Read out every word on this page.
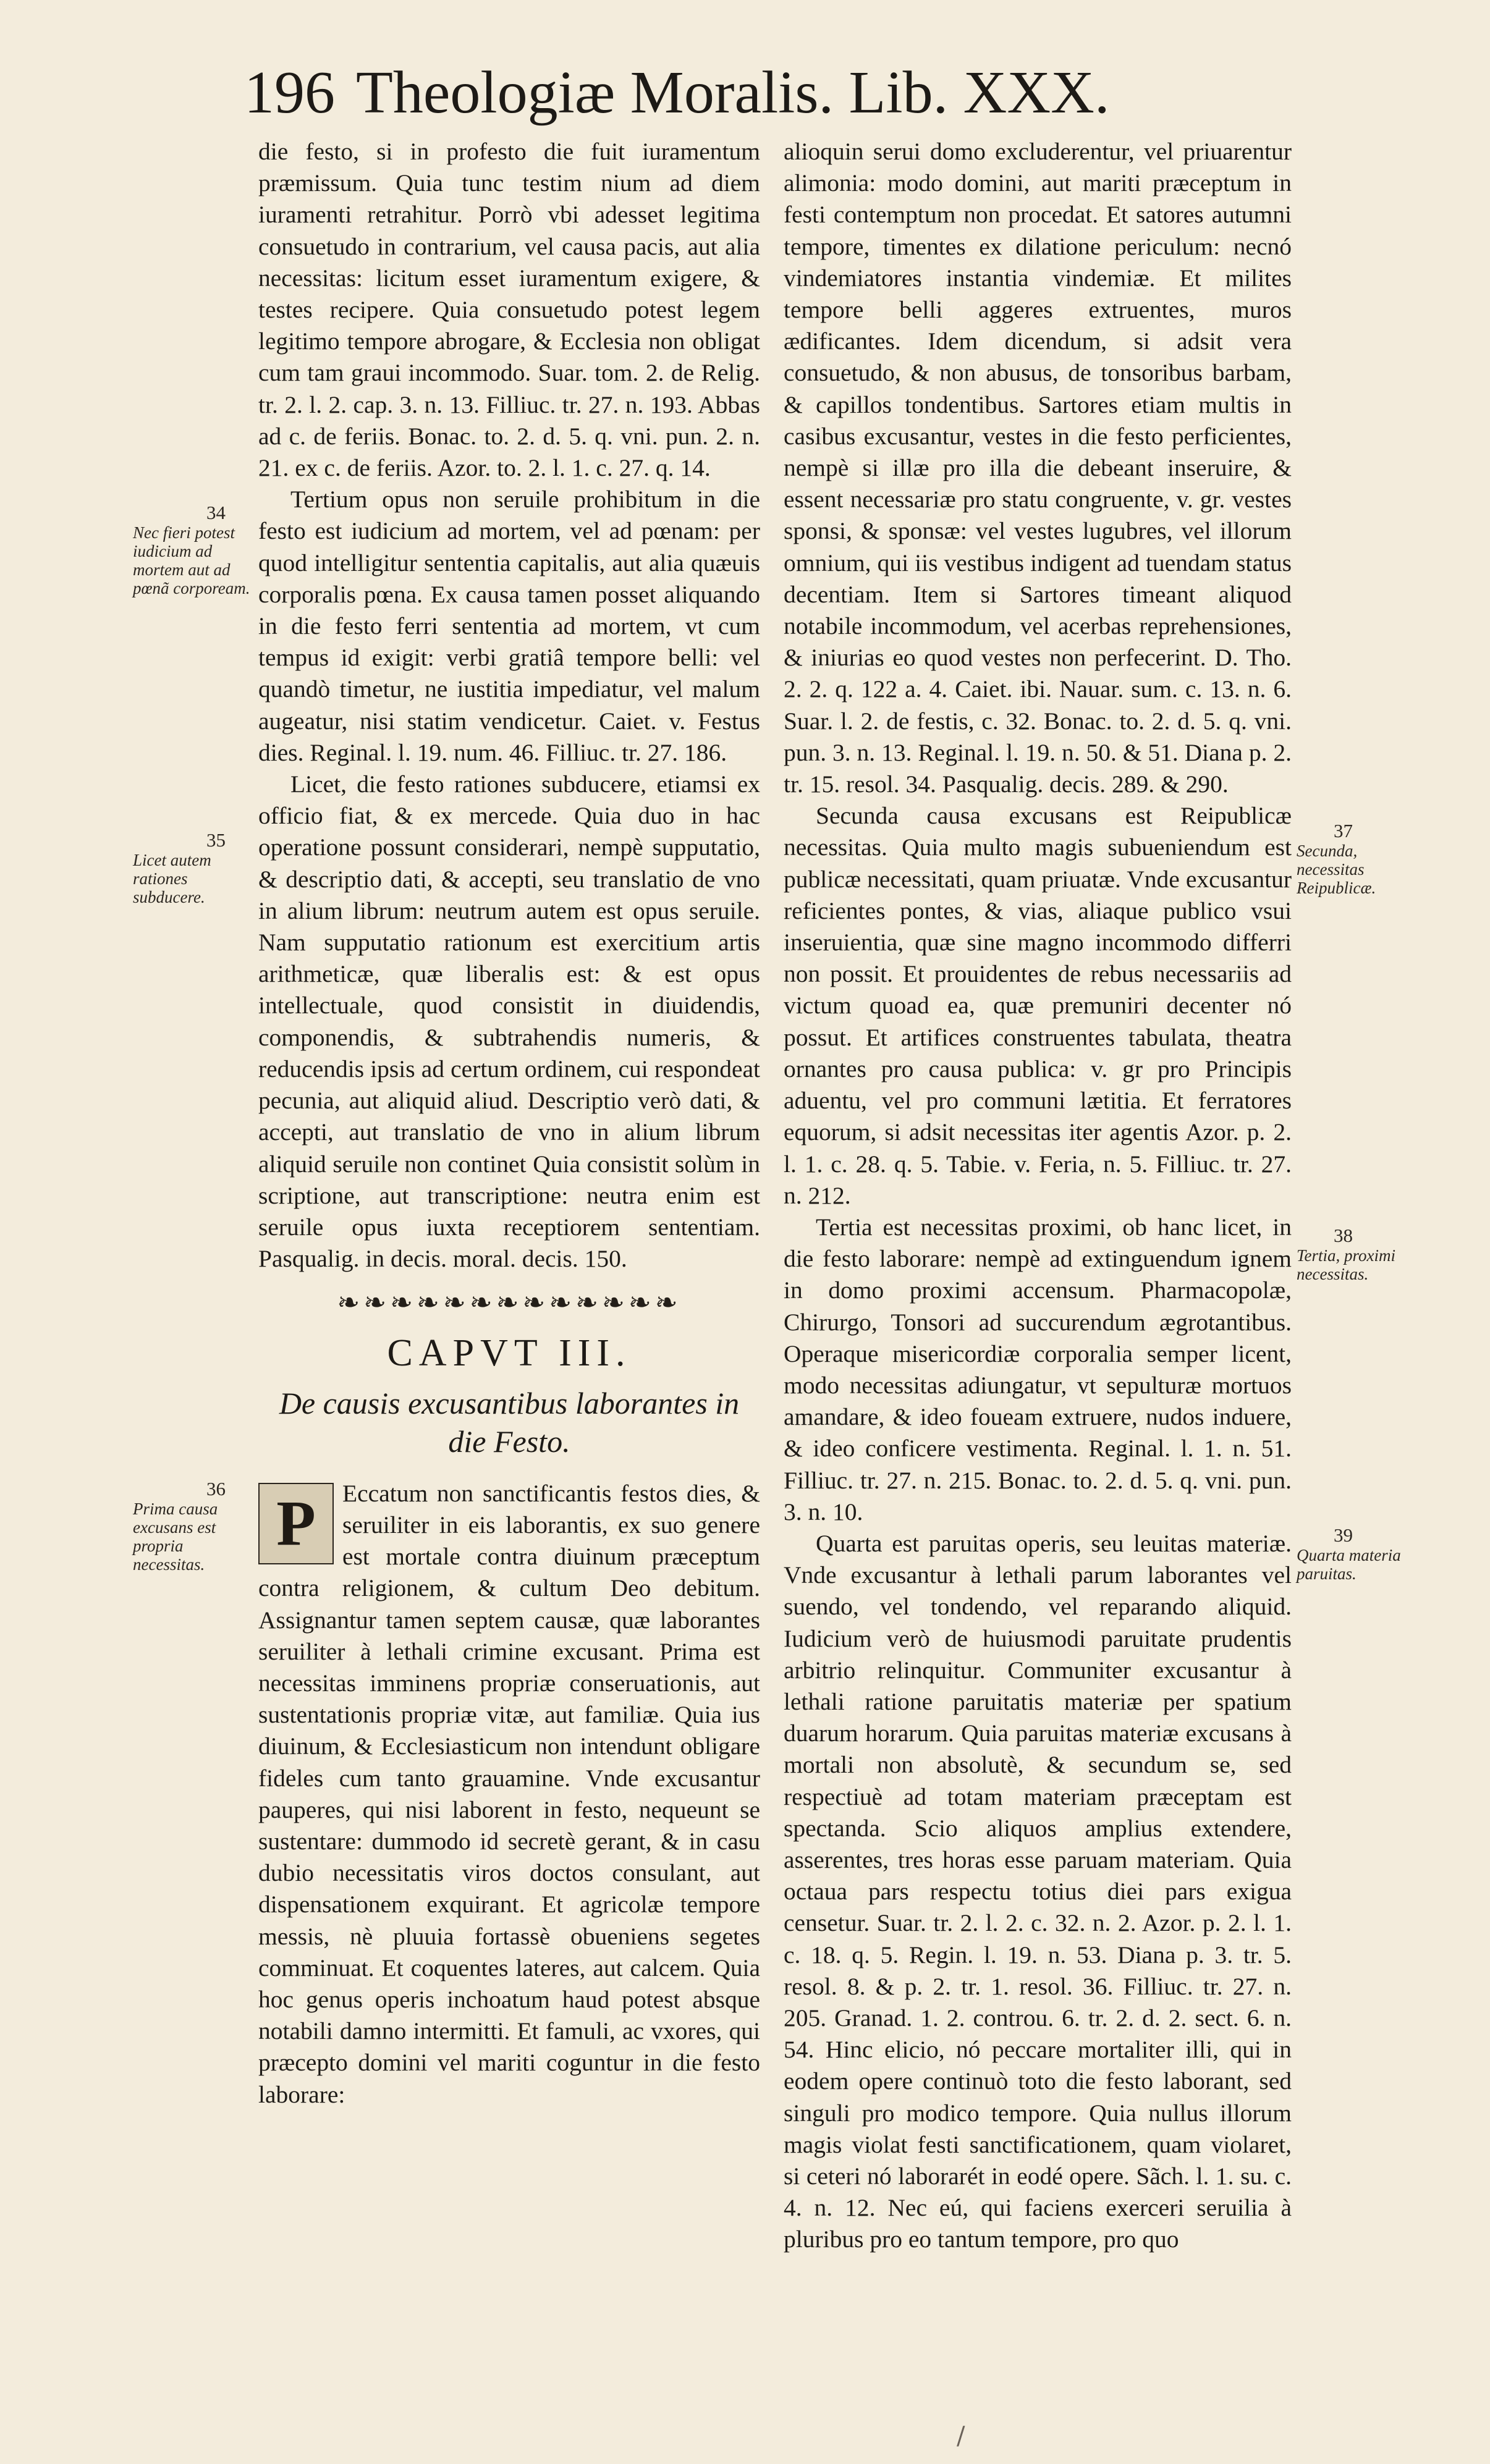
196 Theologiæ Moralis. Lib. XXX.

die festo, si in profesto die fuit iuramentum præmissum. Quia tunc testim nium ad diem iuramenti retrahitur. Porrò vbi adesset legitima consuetudo in contrarium, vel causa pacis, aut alia necessitas: licitum esset iuramentum exigere, & testes recipere. Quia consuetudo potest legem legitimo tempore abrogare, & Ecclesia non obligat cum tam graui incommodo. Suar. tom. 2. de Relig. tr. 2. l. 2. cap. 3. n. 13. Filliuc. tr. 27. n. 193. Abbas ad c. de feriis. Bonac. to. 2. d. 5. q. vni. pun. 2. n. 21. ex c. de feriis. Azor. to. 2. l. 1. c. 27. q. 14.

Tertium opus non seruile prohibitum in die festo est iudicium ad mortem, vel ad pœnam: per quod intelligitur sententia capitalis, aut alia quæuis corporalis pœna. Ex causa tamen posset aliquando in die festo ferri sententia ad mortem, vt cum tempus id exigit: verbi gratiâ tempore belli: vel quandò timetur, ne iustitia impediatur, vel malum augeatur, nisi statim vendicetur. Caiet. v. Festus dies. Reginal. l. 19. num. 46. Filliuc. tr. 27. 186.

Licet, die festo rationes subducere, etiamsi ex officio fiat, & ex mercede. Quia duo in hac operatione possunt considerari, nempè supputatio, & descriptio dati, & accepti, seu translatio de vno in alium librum: neutrum autem est opus seruile. Nam supputatio rationum est exercitium artis arithmeticæ, quæ liberalis est: & est opus intellectuale, quod consistit in diuidendis, componendis, & subtrahendis numeris, & reducendis ipsis ad certum ordinem, cui respondeat pecunia, aut aliquid aliud. Descriptio verò dati, & accepti, aut translatio de vno in alium librum aliquid seruile non continet Quia consistit solùm in scriptione, aut transcriptione: neutra enim est seruile opus iuxta receptiorem sententiam. Pasqualig. in decis. moral. decis. 150.

❧❧❧❧❧❧❧❧❧❧❧❧❧
CAPVT III.
De causis excusantibus laborantes in die Festo.
P	Eccatum non sanctificantis festos dies, & seruiliter in eis laborantis, ex suo genere est mortale contra diuinum præceptum contra religionem, & cultum Deo debitum. Assignantur tamen septem causæ, quæ laborantes seruiliter à lethali crimine excusant. Prima est necessitas imminens propriæ conseruationis, aut sustentationis propriæ vitæ, aut familiæ. Quia ius diuinum, & Ecclesiasticum non intendunt obligare fideles cum tanto grauamine. Vnde excusantur pauperes, qui nisi laborent in festo, nequeunt se sustentare: dummodo id secretè gerant, & in casu dubio necessitatis viros doctos consulant, aut dispensationem exquirant. Et agricolæ tempore messis, nè pluuia fortassè obueniens segetes comminuat. Et coquentes lateres, aut calcem. Quia hoc genus operis inchoatum haud potest absque notabili damno intermitti. Et famuli, ac vxores, qui præcepto domini vel mariti coguntur in die festo laborare:

alioquin serui domo excluderentur, vel priuarentur alimonia: modo domini, aut mariti præceptum in festi contemptum non procedat. Et satores autumni tempore, timentes ex dilatione periculum: necnó vindemiatores instantia vindemiæ. Et milites tempore belli aggeres extruentes, muros ædificantes. Idem dicendum, si adsit vera consuetudo, & non abusus, de tonsoribus barbam, & capillos tondentibus. Sartores etiam multis in casibus excusantur, vestes in die festo perficientes, nempè si illæ pro illa die debeant inseruire, & essent necessariæ pro statu congruente, v. gr. vestes sponsi, & sponsæ: vel vestes lugubres, vel illorum omnium, qui iis vestibus indigent ad tuendam status decentiam. Item si Sartores timeant aliquod notabile incommodum, vel acerbas reprehensiones, & iniurias eo quod vestes non perfecerint. D. Tho. 2. 2. q. 122 a. 4. Caiet. ibi. Nauar. sum. c. 13. n. 6. Suar. l. 2. de festis, c. 32. Bonac. to. 2. d. 5. q. vni. pun. 3. n. 13. Reginal. l. 19. n. 50. & 51. Diana p. 2. tr. 15. resol. 34. Pasqualig. decis. 289. & 290.

Secunda causa excusans est Reipublicæ necessitas. Quia multo magis subueniendum est publicæ necessitati, quam priuatæ. Vnde excusantur reficientes pontes, & vias, aliaque publico vsui inseruientia, quæ sine magno incommodo differri non possit. Et prouidentes de rebus necessariis ad victum quoad ea, quæ premuniri decenter nó possut. Et artifices construentes tabulata, theatra ornantes pro causa publica: v. gr pro Principis aduentu, vel pro communi lætitia. Et ferratores equorum, si adsit necessitas iter agentis Azor. p. 2. l. 1. c. 28. q. 5. Tabie. v. Feria, n. 5. Filliuc. tr. 27. n. 212.

Tertia est necessitas proximi, ob hanc licet, in die festo laborare: nempè ad extinguendum ignem in domo proximi accensum. Pharmacopolæ, Chirurgo, Tonsori ad succurendum ægrotantibus. Operaque misericordiæ corporalia semper licent, modo necessitas adiungatur, vt sepulturæ mortuos amandare, & ideo foueam extruere, nudos induere, & ideo conficere vestimenta. Reginal. l. 1. n. 51. Filliuc. tr. 27. n. 215. Bonac. to. 2. d. 5. q. vni. pun. 3. n. 10.

Quarta est paruitas operis, seu leuitas materiæ. Vnde excusantur à lethali parum laborantes vel suendo, vel tondendo, vel reparando aliquid. Iudicium verò de huiusmodi paruitate prudentis arbitrio relinquitur. Communiter excusantur à lethali ratione paruitatis materiæ per spatium duarum horarum. Quia paruitas materiæ excusans à mortali non absolutè, & secundum se, sed respectiuè ad totam materiam præceptam est spectanda. Scio aliquos amplius extendere, asserentes, tres horas esse paruam materiam. Quia octaua pars respectu totius diei pars exigua censetur. Suar. tr. 2. l. 2. c. 32. n. 2. Azor. p. 2. l. 1. c. 18. q. 5. Regin. l. 19. n. 53. Diana p. 3. tr. 5. resol. 8. & p. 2. tr. 1. resol. 36. Filliuc. tr. 27. n. 205. Granad. 1. 2. controu. 6. tr. 2. d. 2. sect. 6. n. 54. Hinc elicio, nó peccare mortaliter illi, qui in eodem opere continuò toto die festo laborant, sed singuli pro modico tempore. Quia nullus illorum magis violat festi sanctificationem, quam violaret, si ceteri nó laborarét in eodé opere. Sãch. l. 1. su. c. 4. n. 12. Nec eú, qui faciens exerceri seruilia à pluribus pro eo tantum tempore, pro quo

34
Nec fieri potest iudicium ad mortem aut ad pœnã corpoream.
35
Licet autem rationes subducere.
36
Prima causa excusans est propria necessitas.
37
Secunda, necessitas Reipublicæ.
38
Tertia, proximi necessitas.
39
Quarta materia paruitas.
/
